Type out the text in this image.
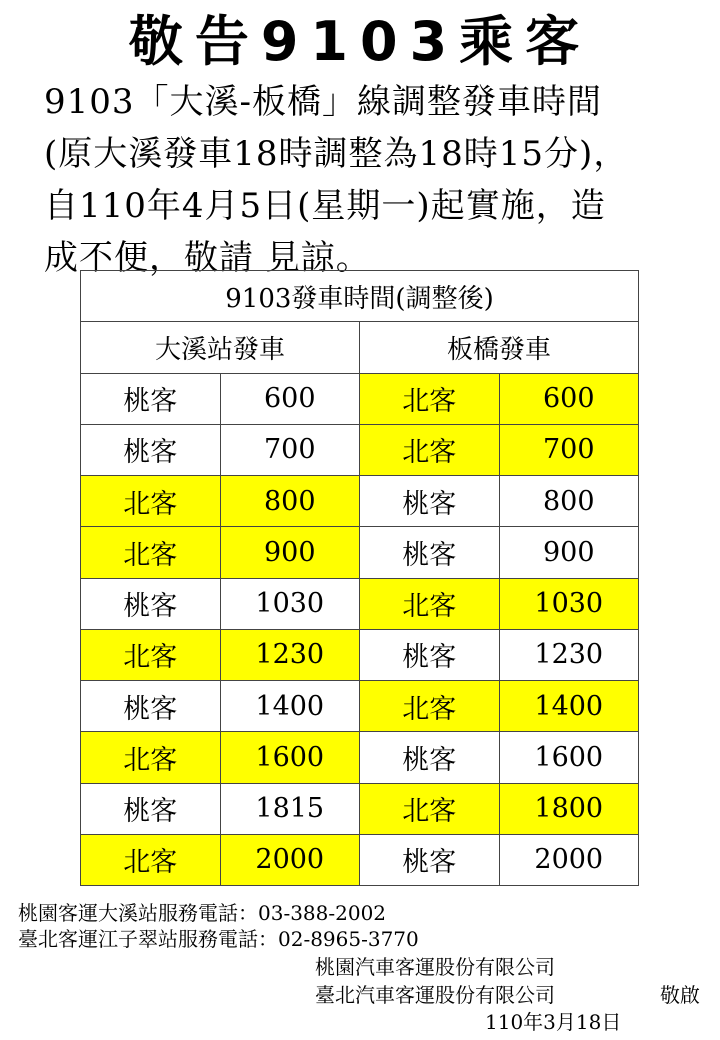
敬告9103乘客
9103「大溪-板橋」線調整發車時間
(原大溪發車18時調整為18時15分)，
自110年4月5日(星期一)起實施，造
成不便，敬請 見諒。
9103發車時間(調整後)			
大溪站發車		板橋發車	
桃客	600	北客	600
桃客	700	北客	700
北客	800	桃客	800
北客	900	桃客	900
桃客	1030	北客	1030
北客	1230	桃客	1230
桃客	1400	北客	1400
北客	1600	桃客	1600
桃客	1815	北客	1800
北客	2000	桃客	2000
桃園客運大溪站服務電話：03-388-2002
臺北客運江子翠站服務電話：02-8965-3770
桃園汽車客運股份有限公司
臺北汽車客運股份有限公司	敬啟
110年3月18日
